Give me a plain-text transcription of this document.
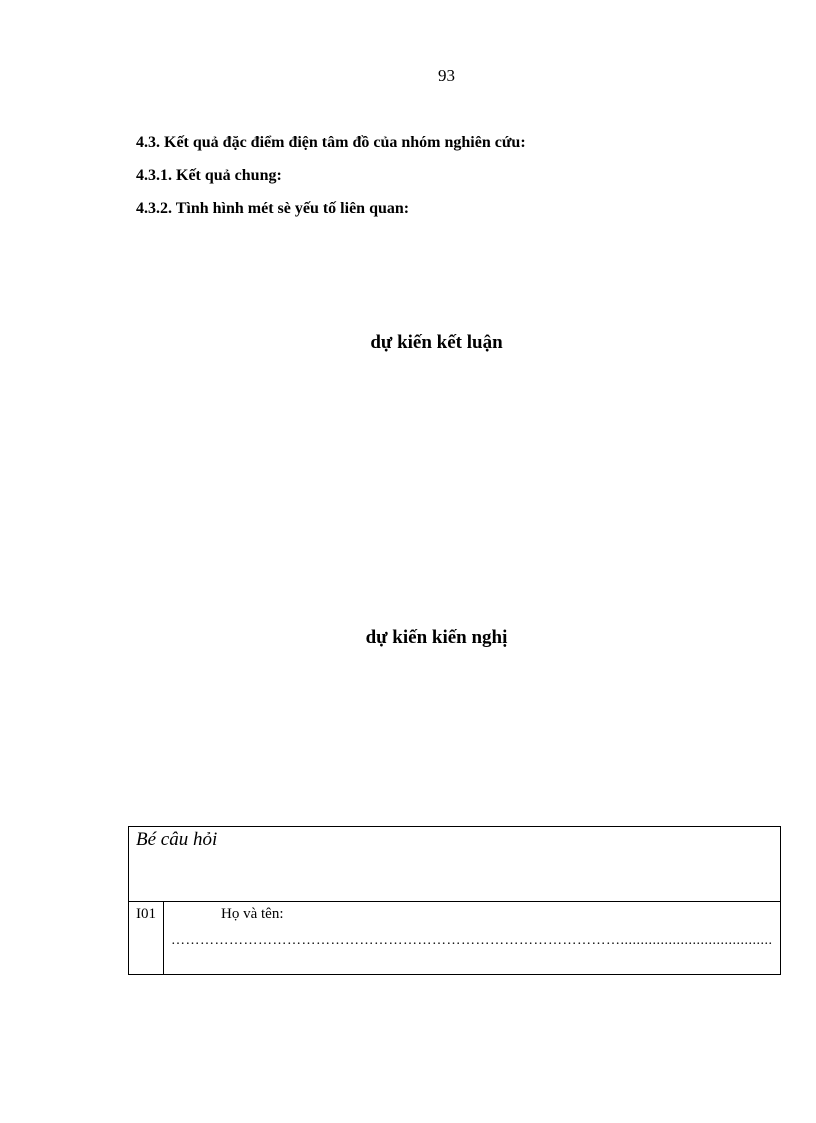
93
4.3. Kết quả đặc điểm điện tâm đồ của nhóm nghiên cứu:
4.3.1. Kết quả chung:
4.3.2. Tình hình mét sè yếu tố liên quan:
dự kiến kết luận
dự kiến kiến nghị
Bé câu hỏi
I01	Họ và tên:
…………………………………………………………………………………......................................
